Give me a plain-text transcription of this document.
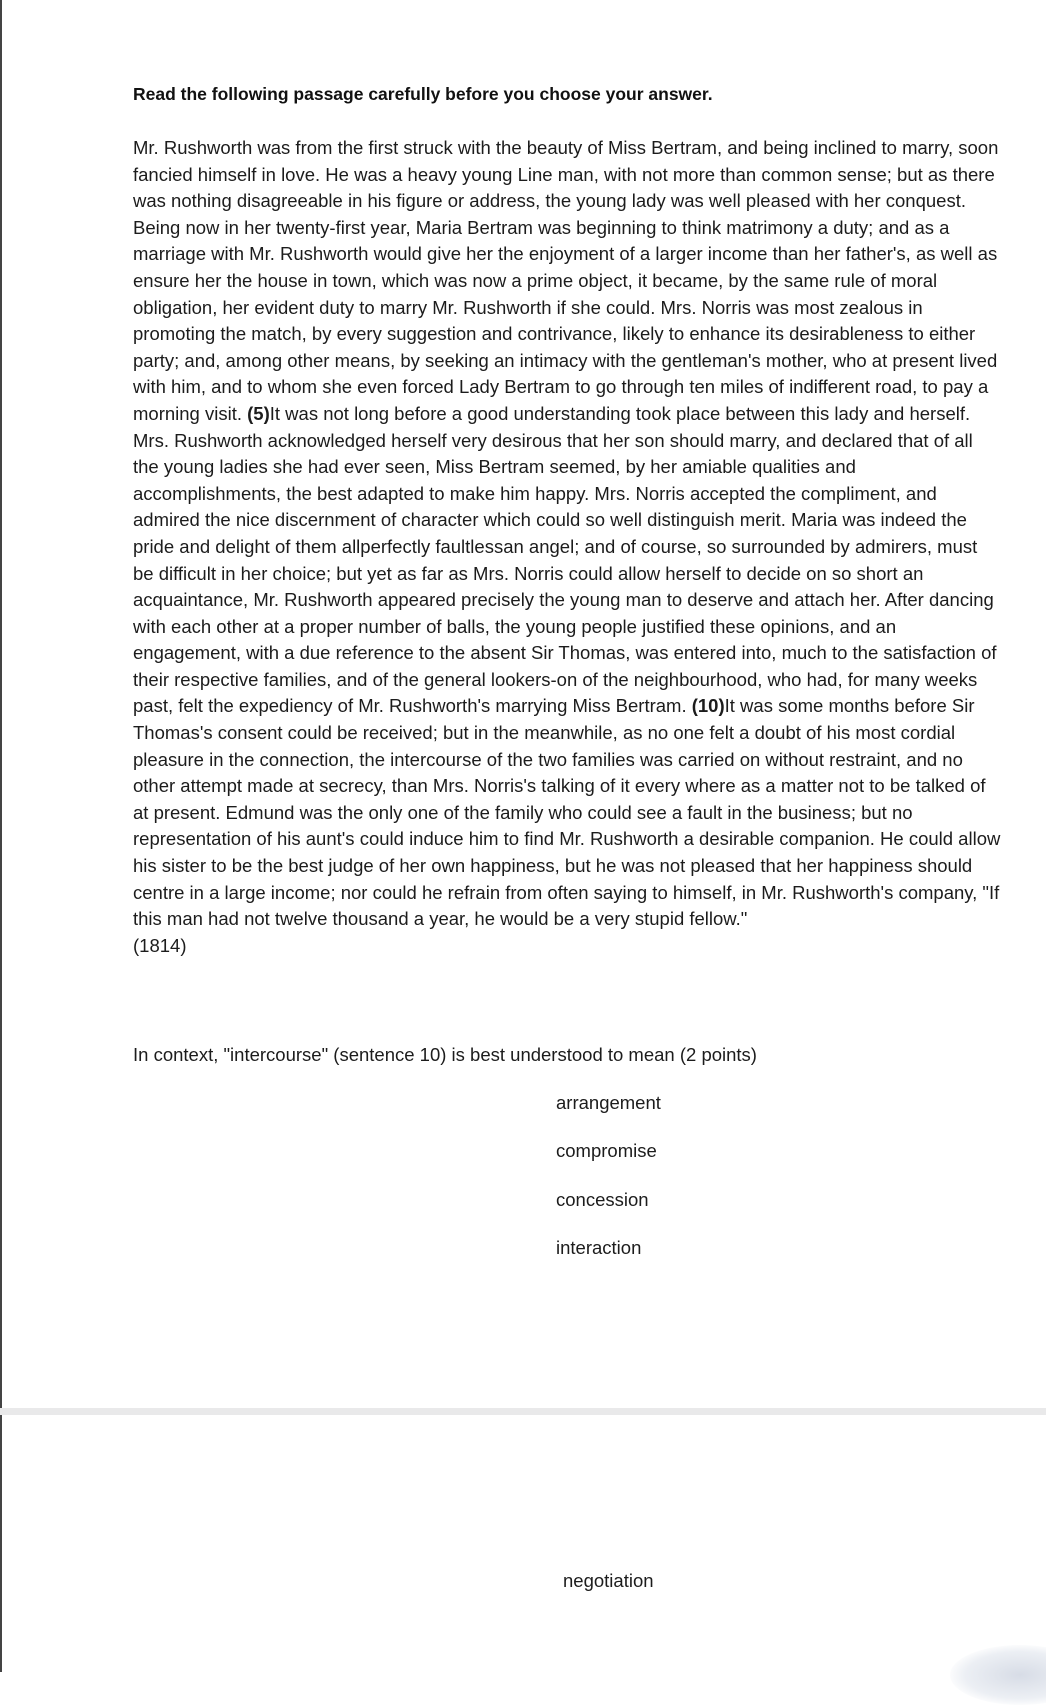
Read the following passage carefully before you choose your answer.

Mr. Rushworth was from the first struck with the beauty of Miss Bertram, and being inclined to marry, soon fancied himself in love. He was a heavy young Line man, with not more than common sense; but as there was nothing disagreeable in his figure or address, the young lady was well pleased with her conquest. Being now in her twenty-first year, Maria Bertram was beginning to think matrimony a duty; and as a marriage with Mr. Rushworth would give her the enjoyment of a larger income than her father's, as well as ensure her the house in town, which was now a prime object, it became, by the same rule of moral obligation, her evident duty to marry Mr. Rushworth if she could. Mrs. Norris was most zealous in promoting the match, by every suggestion and contrivance, likely to enhance its desirableness to either party; and, among other means, by seeking an intimacy with the gentleman's mother, who at present lived with him, and to whom she even forced Lady Bertram to go through ten miles of indifferent road, to pay a morning visit. (5)It was not long before a good understanding took place between this lady and herself. Mrs. Rushworth acknowledged herself very desirous that her son should marry, and declared that of all the young ladies she had ever seen, Miss Bertram seemed, by her amiable qualities and accomplishments, the best adapted to make him happy. Mrs. Norris accepted the compliment, and admired the nice discernment of character which could so well distinguish merit. Maria was indeed the pride and delight of them allperfectly faultlessan angel; and of course, so surrounded by admirers, must be difficult in her choice; but yet as far as Mrs. Norris could allow herself to decide on so short an acquaintance, Mr. Rushworth appeared precisely the young man to deserve and attach her. After dancing with each other at a proper number of balls, the young people justified these opinions, and an engagement, with a due reference to the absent Sir Thomas, was entered into, much to the satisfaction of their respective families, and of the general lookers-on of the neighbourhood, who had, for many weeks past, felt the expediency of Mr. Rushworth's marrying Miss Bertram. (10)It was some months before Sir Thomas's consent could be received; but in the meanwhile, as no one felt a doubt of his most cordial pleasure in the connection, the intercourse of the two families was carried on without restraint, and no other attempt made at secrecy, than Mrs. Norris's talking of it every where as a matter not to be talked of at present. Edmund was the only one of the family who could see a fault in the business; but no representation of his aunt's could induce him to find Mr. Rushworth a desirable companion. He could allow his sister to be the best judge of her own happiness, but he was not pleased that her happiness should centre in a large income; nor could he refrain from often saying to himself, in Mr. Rushworth's company, "If this man had not twelve thousand a year, he would be a very stupid fellow."
(1814)

In context, "intercourse" (sentence 10) is best understood to mean (2 points)

arrangement
compromise
concession
interaction
negotiation
